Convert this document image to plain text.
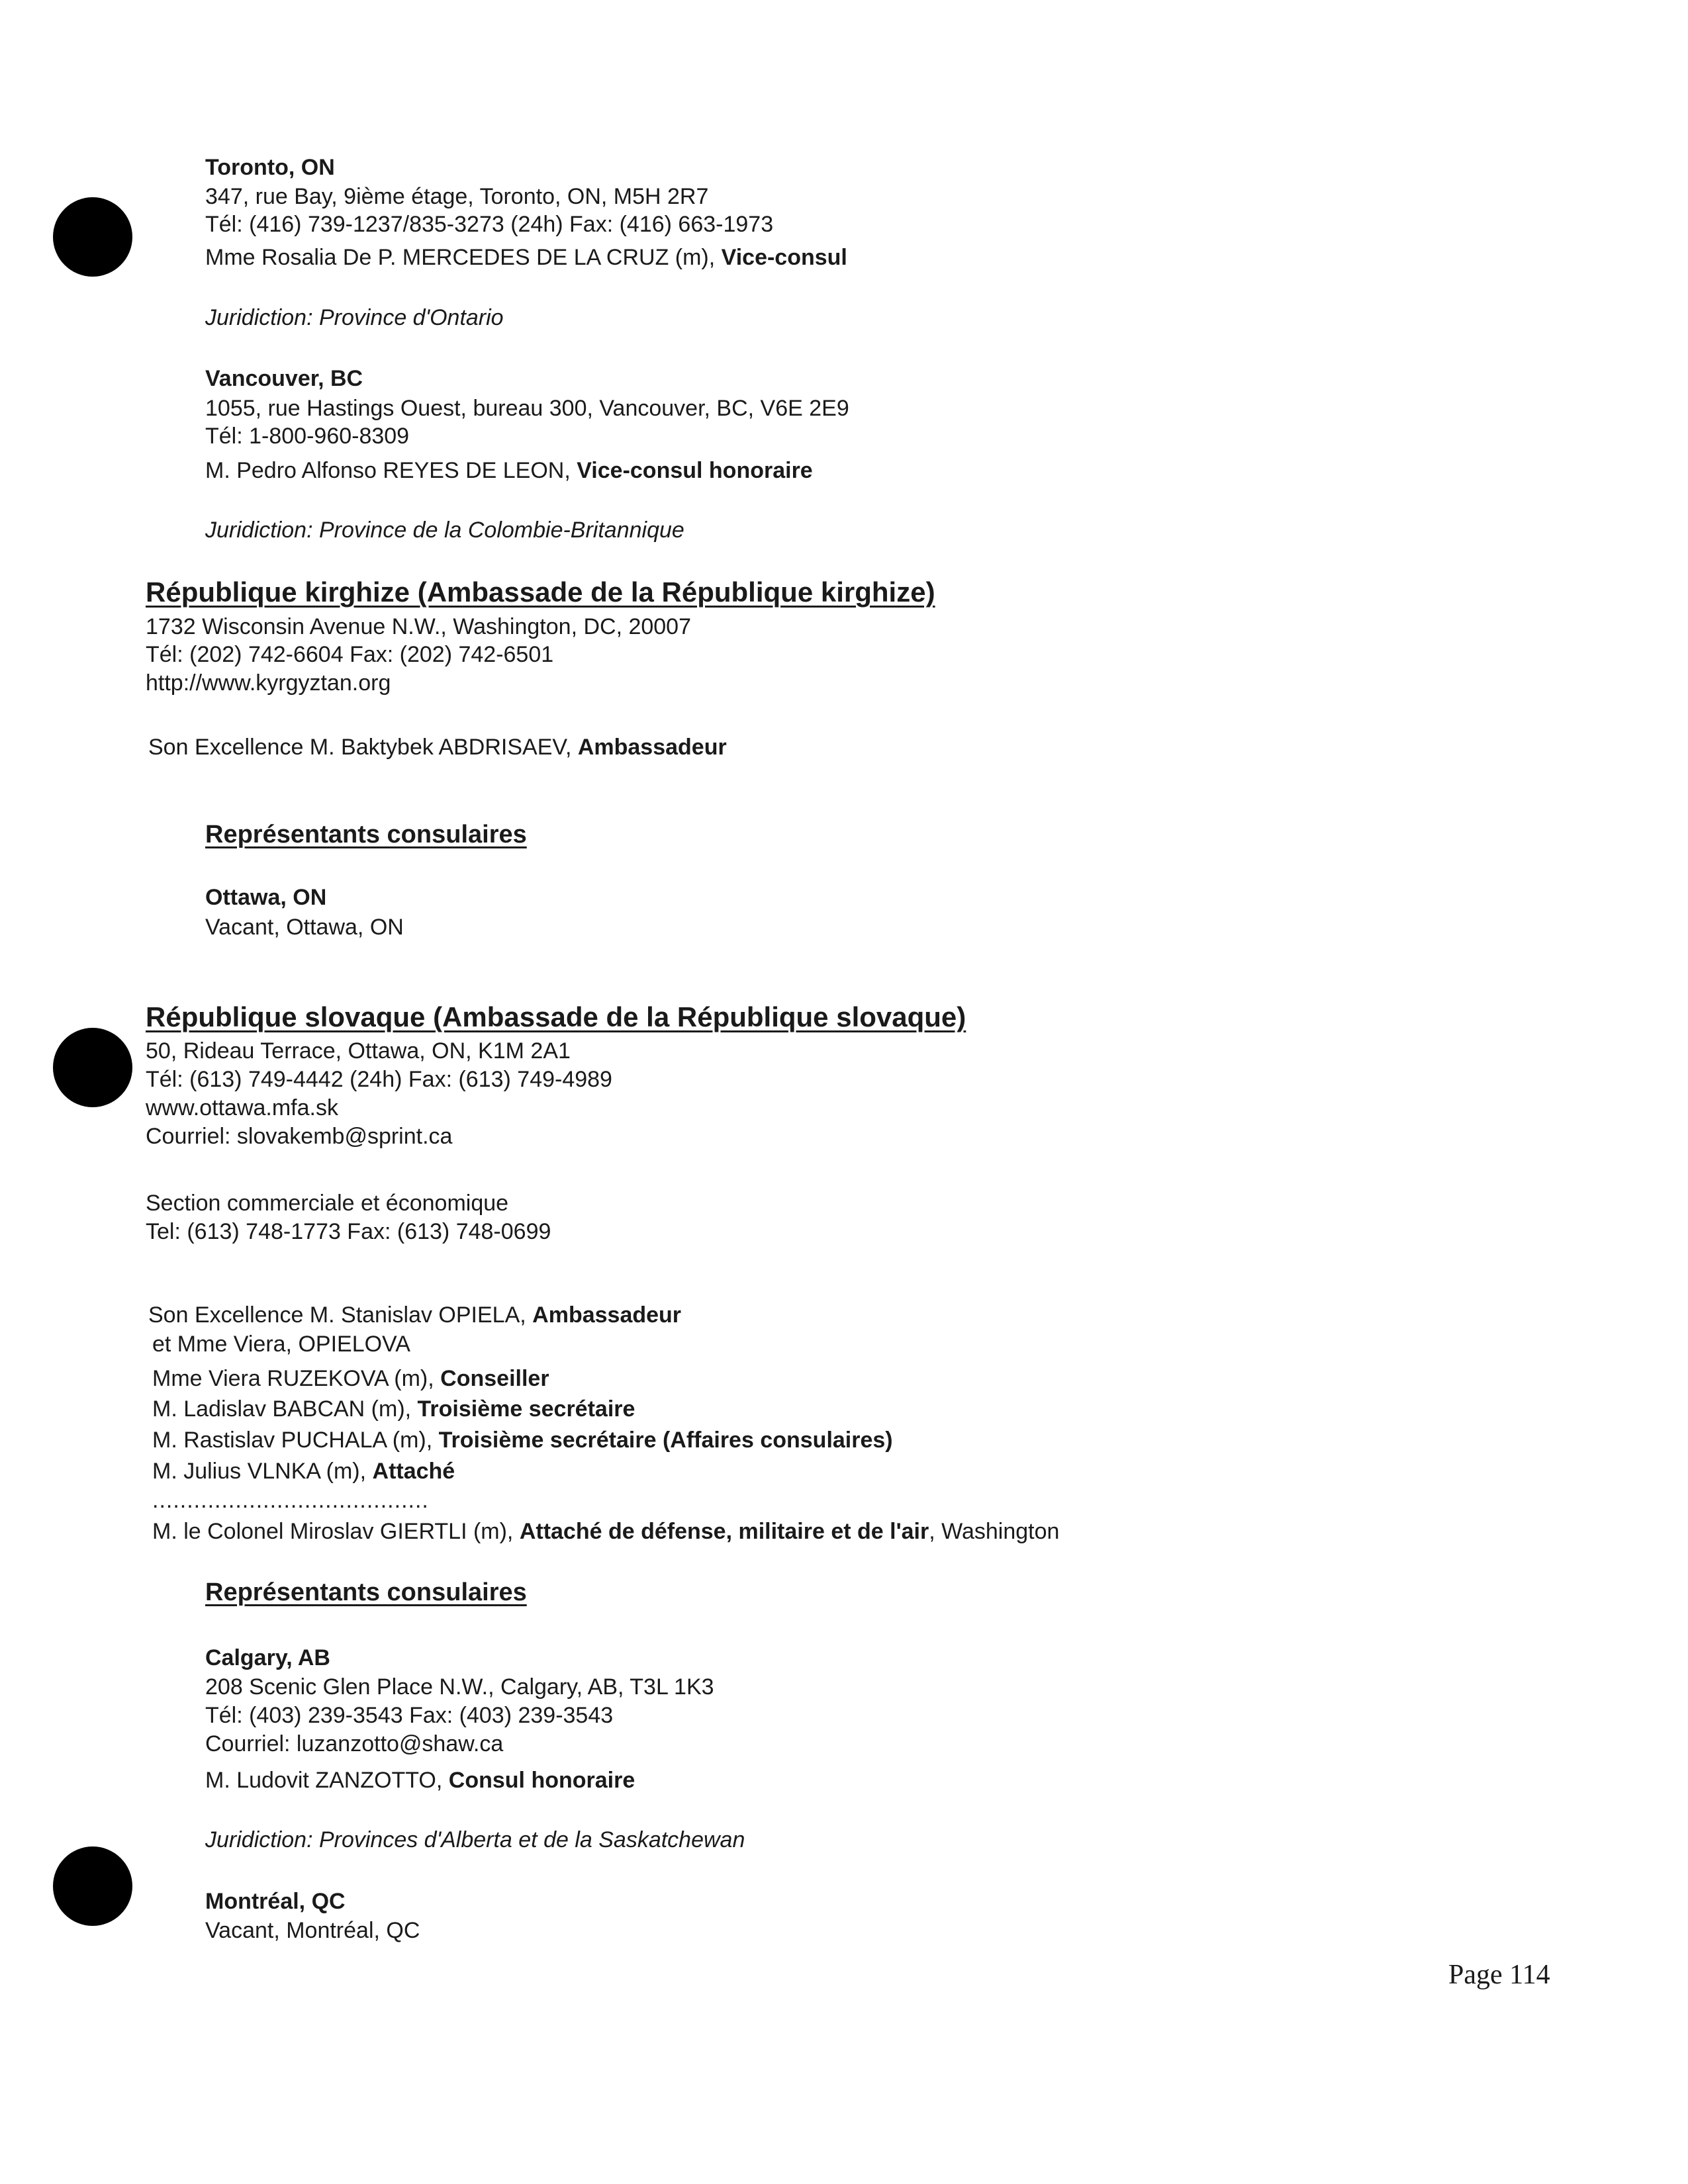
Toronto, ON
347, rue Bay, 9ième étage, Toronto, ON, M5H 2R7
Tél: (416) 739-1237/835-3273 (24h) Fax: (416) 663-1973
Mme Rosalia De P. MERCEDES DE LA CRUZ (m), Vice-consul
Juridiction: Province d'Ontario
Vancouver, BC
1055, rue Hastings Ouest, bureau 300, Vancouver, BC, V6E 2E9
Tél: 1-800-960-8309
M. Pedro Alfonso REYES DE LEON, Vice-consul honoraire
Juridiction: Province de la Colombie-Britannique
République kirghize (Ambassade de la République kirghize)
1732 Wisconsin Avenue N.W., Washington, DC, 20007
Tél: (202) 742-6604 Fax: (202) 742-6501
http://www.kyrgyztan.org
Son Excellence M. Baktybek ABDRISAEV, Ambassadeur
Représentants consulaires
Ottawa, ON
Vacant, Ottawa, ON
République slovaque (Ambassade de la République slovaque)
50, Rideau Terrace, Ottawa, ON, K1M 2A1
Tél: (613) 749-4442 (24h) Fax: (613) 749-4989
www.ottawa.mfa.sk
Courriel: slovakemb@sprint.ca
Section commerciale et économique
Tel: (613) 748-1773 Fax: (613) 748-0699
Son Excellence M. Stanislav OPIELA, Ambassadeur
et Mme Viera, OPIELOVA
Mme Viera RUZEKOVA (m), Conseiller
M. Ladislav BABCAN (m), Troisième secrétaire
M. Rastislav PUCHALA (m), Troisième secrétaire (Affaires consulaires)
M. Julius VLNKA (m), Attaché
........................................
M. le Colonel Miroslav GIERTLI (m), Attaché de défense, militaire et de l'air, Washington
Représentants consulaires
Calgary, AB
208 Scenic Glen Place N.W., Calgary, AB, T3L 1K3
Tél: (403) 239-3543 Fax: (403) 239-3543
Courriel: luzanzotto@shaw.ca
M. Ludovit ZANZOTTO, Consul honoraire
Juridiction: Provinces d'Alberta et de la Saskatchewan
Montréal, QC
Vacant, Montréal, QC
Page 114
